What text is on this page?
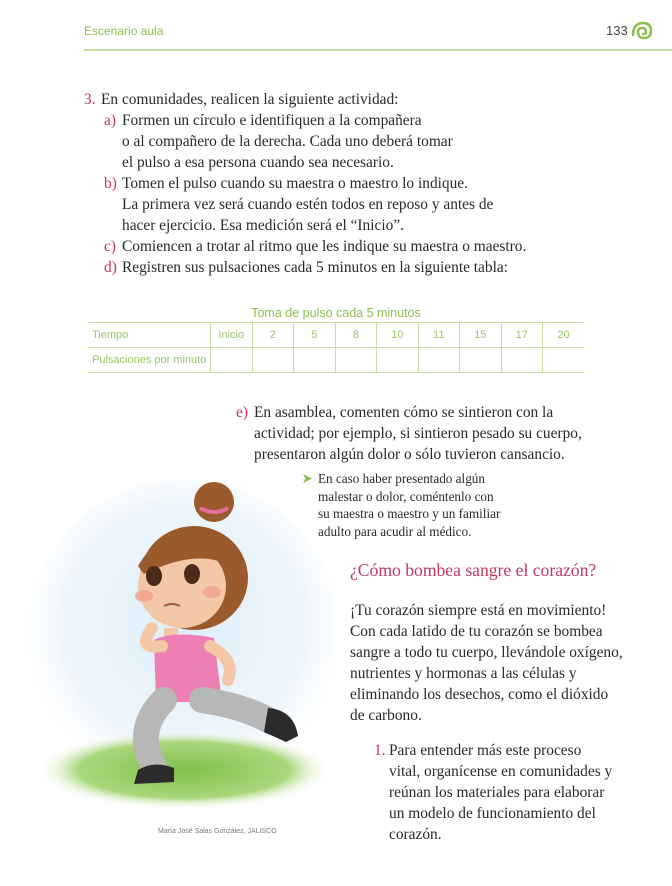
Escenario aula	133
3. En comunidades, realicen la siguiente actividad:
a) Formen un círculo e identifiquen a la compañera
o al compañero de la derecha. Cada uno deberá tomar
el pulso a esa persona cuando sea necesario.
b) Tomen el pulso cuando su maestra o maestro lo indique.
La primera vez será cuando estén todos en reposo y antes de
hacer ejercicio. Esa medición será el “Inicio”.
c) Comiencen a trotar al ritmo que les indique su maestra o maestro.
d) Registren sus pulsaciones cada 5 minutos en la siguiente tabla:
Toma de pulso cada 5 minutos
Tiempo	Inicio	2	5	8	10	11	15	17	20
Pulsaciones por minuto									
e) En asamblea, comenten cómo se sintieron con la
actividad; por ejemplo, si sintieron pesado su cuerpo,
presentaron algún dolor o sólo tuvieron cansancio.
En caso haber presentado algún
malestar o dolor, coméntenlo con
su maestra o maestro y un familiar
adulto para acudir al médico.
¿Cómo bombea sangre el corazón?
¡Tu corazón siempre está en movimiento!
Con cada latido de tu corazón se bombea
sangre a todo tu cuerpo, llevándole oxígeno,
nutrientes y hormonas a las células y
eliminando los desechos, como el dióxido
de carbono.
1. Para entender más este proceso
vital, organícense en comunidades y
reúnan los materiales para elaborar
un modelo de funcionamiento del
corazón.
María José Salas González, JALISCO
